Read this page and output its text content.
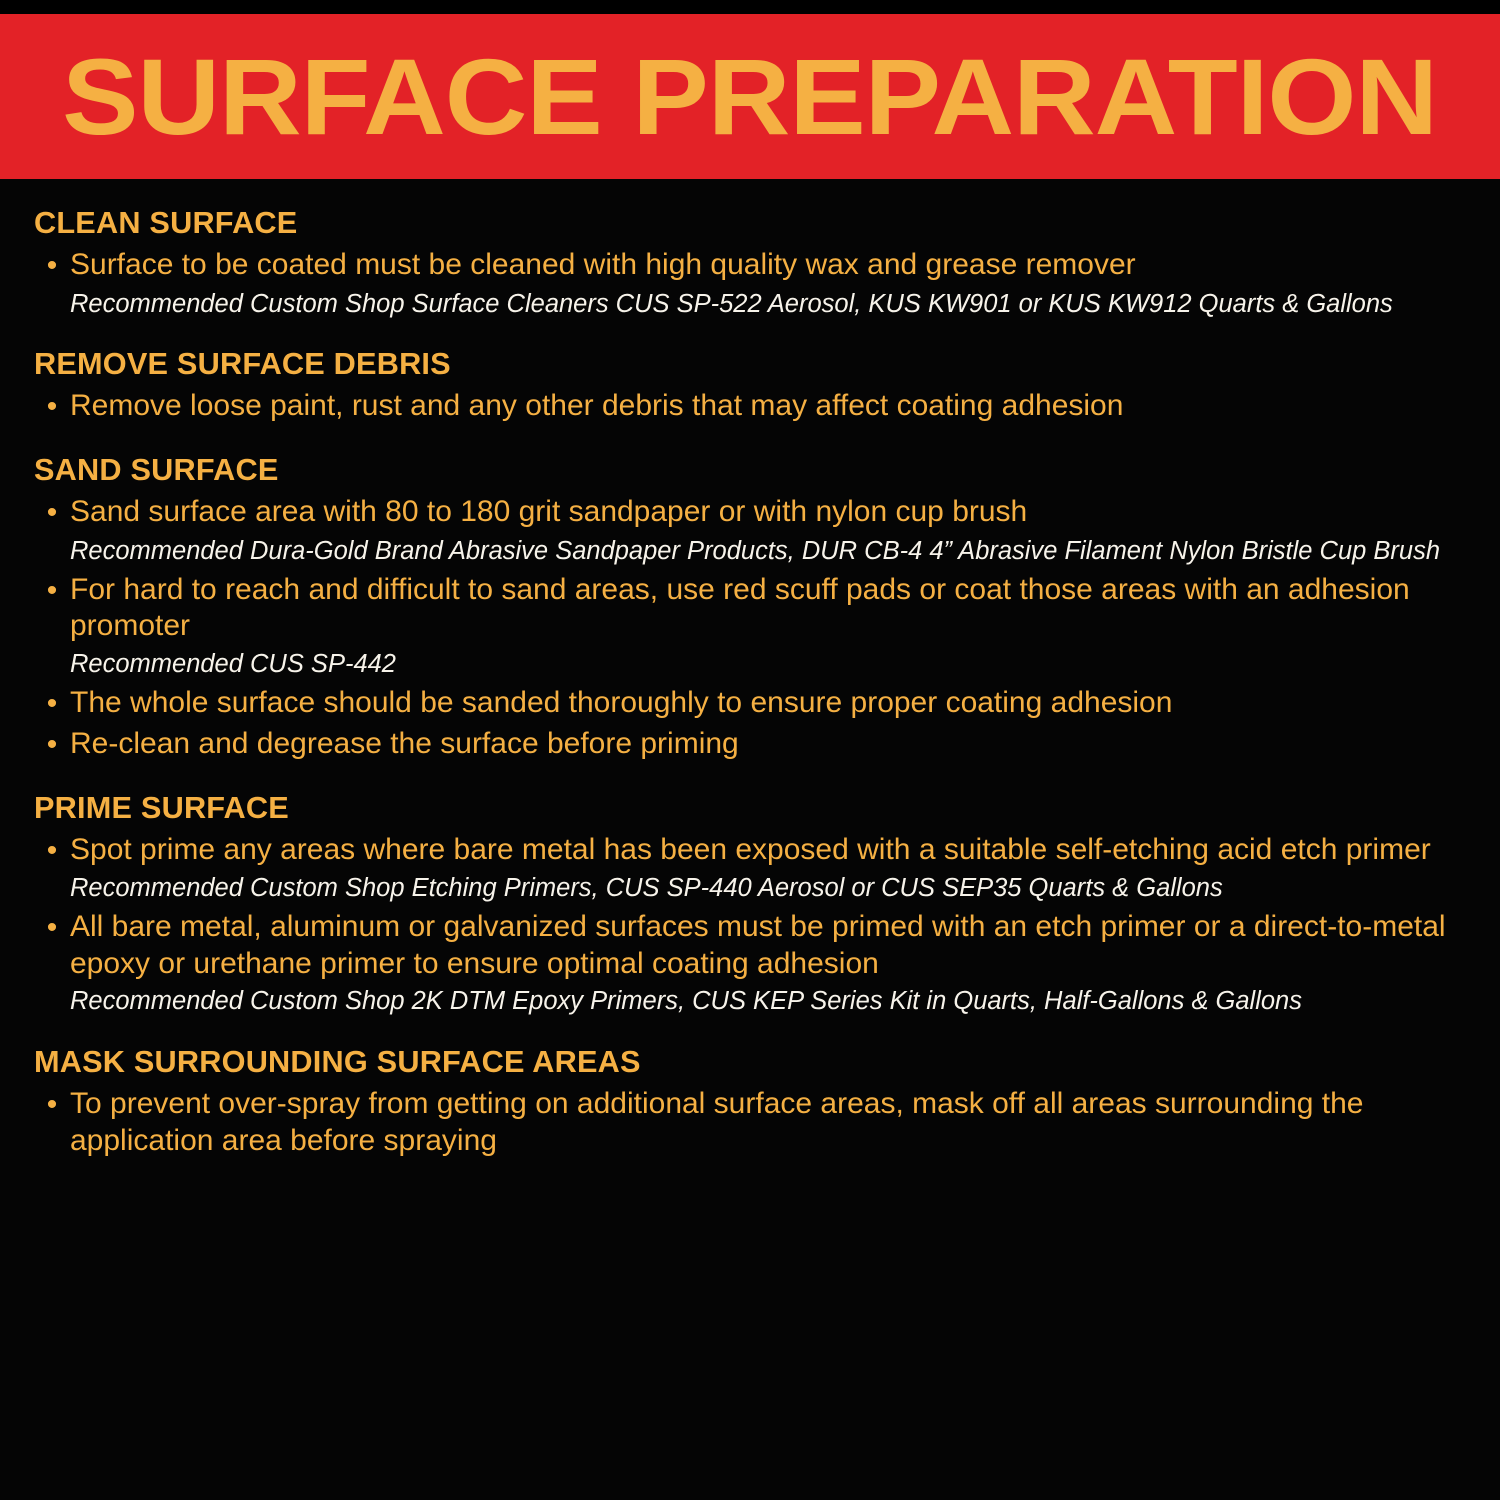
SURFACE PREPARATION
CLEAN SURFACE
• Surface to be coated must be cleaned with high quality wax and grease remover
Recommended Custom Shop Surface Cleaners CUS SP-522 Aerosol, KUS KW901 or KUS KW912 Quarts & Gallons
REMOVE SURFACE DEBRIS
• Remove loose paint, rust and any other debris that may affect coating adhesion
SAND SURFACE
• Sand surface area with 80 to 180 grit sandpaper or with nylon cup brush
Recommended Dura-Gold Brand Abrasive Sandpaper Products, DUR CB-4 4” Abrasive Filament Nylon Bristle Cup Brush
• For hard to reach and difficult to sand areas, use red scuff pads or coat those areas with an adhesion promoter
Recommended CUS SP-442
• The whole surface should be sanded thoroughly to ensure proper coating adhesion
• Re-clean and degrease the surface before priming
PRIME SURFACE
• Spot prime any areas where bare metal has been exposed with a suitable self-etching acid etch primer
Recommended Custom Shop Etching Primers, CUS SP-440 Aerosol or CUS SEP35 Quarts & Gallons
• All bare metal, aluminum or galvanized surfaces must be primed with an etch primer or a direct-to-metal epoxy or urethane primer to ensure optimal coating adhesion
Recommended Custom Shop 2K DTM Epoxy Primers, CUS KEP Series Kit in Quarts, Half-Gallons & Gallons
MASK SURROUNDING SURFACE AREAS
• To prevent over-spray from getting on additional surface areas, mask off all areas surrounding the application area before spraying
